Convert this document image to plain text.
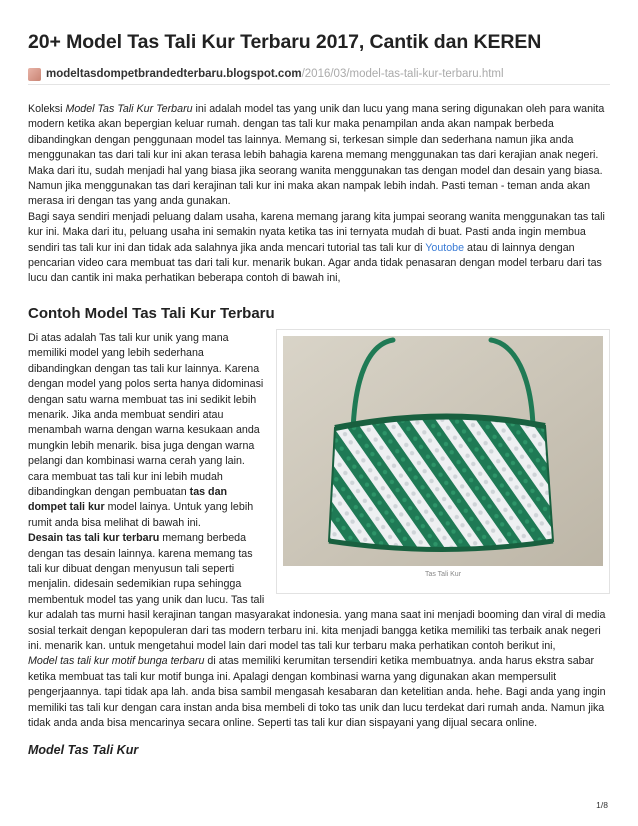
20+ Model Tas Tali Kur Terbaru 2017, Cantik dan KEREN
modeltasdompetbrandedterbaru.blogspot.com /2016/03/model-tas-tali-kur-terbaru.html

Koleksi Model Tas Tali Kur Terbaru ini adalah model tas yang unik dan lucu yang mana sering digunakan oleh para wanita modern ketika akan bepergian keluar rumah. dengan tas tali kur maka penampilan anda akan nampak berbeda dibandingkan dengan penggunaan model tas lainnya. Memang si, terkesan simple dan sederhana namun jika anda menggunakan tas dari tali kur ini akan terasa lebih bahagia karena memang menggunakan tas dari kerajian anak negeri. Maka dari itu, sudah menjadi hal yang biasa jika seorang wanita menggunakan tas dengan model dan desain yang biasa. Namun jika menggunakan tas dari kerajinan tali kur ini maka akan nampak lebih indah. Pasti teman - teman anda akan merasa iri dengan tas yang anda gunakan.

Bagi saya sendiri menjadi peluang dalam usaha, karena memang jarang kita jumpai seorang wanita menggunakan tas tali kur ini. Maka dari itu, peluang usaha ini semakin nyata ketika tas ini ternyata mudah di buat. Pasti anda ingin membua sendiri tas tali kur ini dan tidak ada salahnya jika anda mencari tutorial tas tali kur di Youtobe atau di lainnya dengan pencarian video cara membuat tas dari tali kur. menarik bukan. Agar anda tidak penasaran dengan model terbaru dari tas lucu dan cantik ini maka perhatikan beberapa contoh di bawah ini,

Contoh Model Tas Tali Kur Terbaru
Tas Tali Kur

Di atas adalah Tas tali kur unik yang mana memiliki model yang lebih sederhana dibandingkan dengan tas tali kur lainnya. Karena dengan model yang polos serta hanya didominasi dengan satu warna membuat tas ini sedikit lebih menarik. Jika anda membuat sendiri atau menambah warna dengan warna kesukaan anda mungkin lebih menarik. bisa juga dengan warna pelangi dan kombinasi warna cerah yang lain. cara membuat tas tali kur ini lebih mudah dibandingkan dengan pembuatan tas dan dompet tali kur model lainya. Untuk yang lebih rumit anda bisa melihat di bawah ini.

Desain tas tali kur terbaru memang berbeda dengan tas desain lainnya. karena memang tas tali kur dibuat dengan menyusun tali seperti menjalin. didesain sedemikian rupa sehingga membentuk model tas yang unik dan lucu. Tas tali kur adalah tas murni hasil kerajinan tangan masyarakat indonesia. yang mana saat ini menjadi booming dan viral di media sosial terkait dengan kepopuleran dari tas modern terbaru ini. kita menjadi bangga ketika memiliki tas terbaik anak negeri ini. menarik kan. untuk mengetahui model lain dari model tas tali kur terbaru maka perhatikan contoh berikut ini,

Model tas tali kur motif bunga terbaru di atas memiliki kerumitan tersendiri ketika membuatnya. anda harus ekstra sabar ketika membuat tas tali kur motif bunga ini. Apalagi dengan kombinasi warna yang digunakan akan mempersulit pengerjaannya. tapi tidak apa lah. anda bisa sambil mengasah kesabaran dan ketelitian anda. hehe. Bagi anda yang ingin memiliki tas tali kur dengan cara instan anda bisa membeli di toko tas unik dan lucu terdekat dari rumah anda. Namun jika tidak anda anda bisa mencarinya secara online. Seperti tas tali kur dian sispayani yang dijual secara online.

Model Tas Tali Kur
1/8
